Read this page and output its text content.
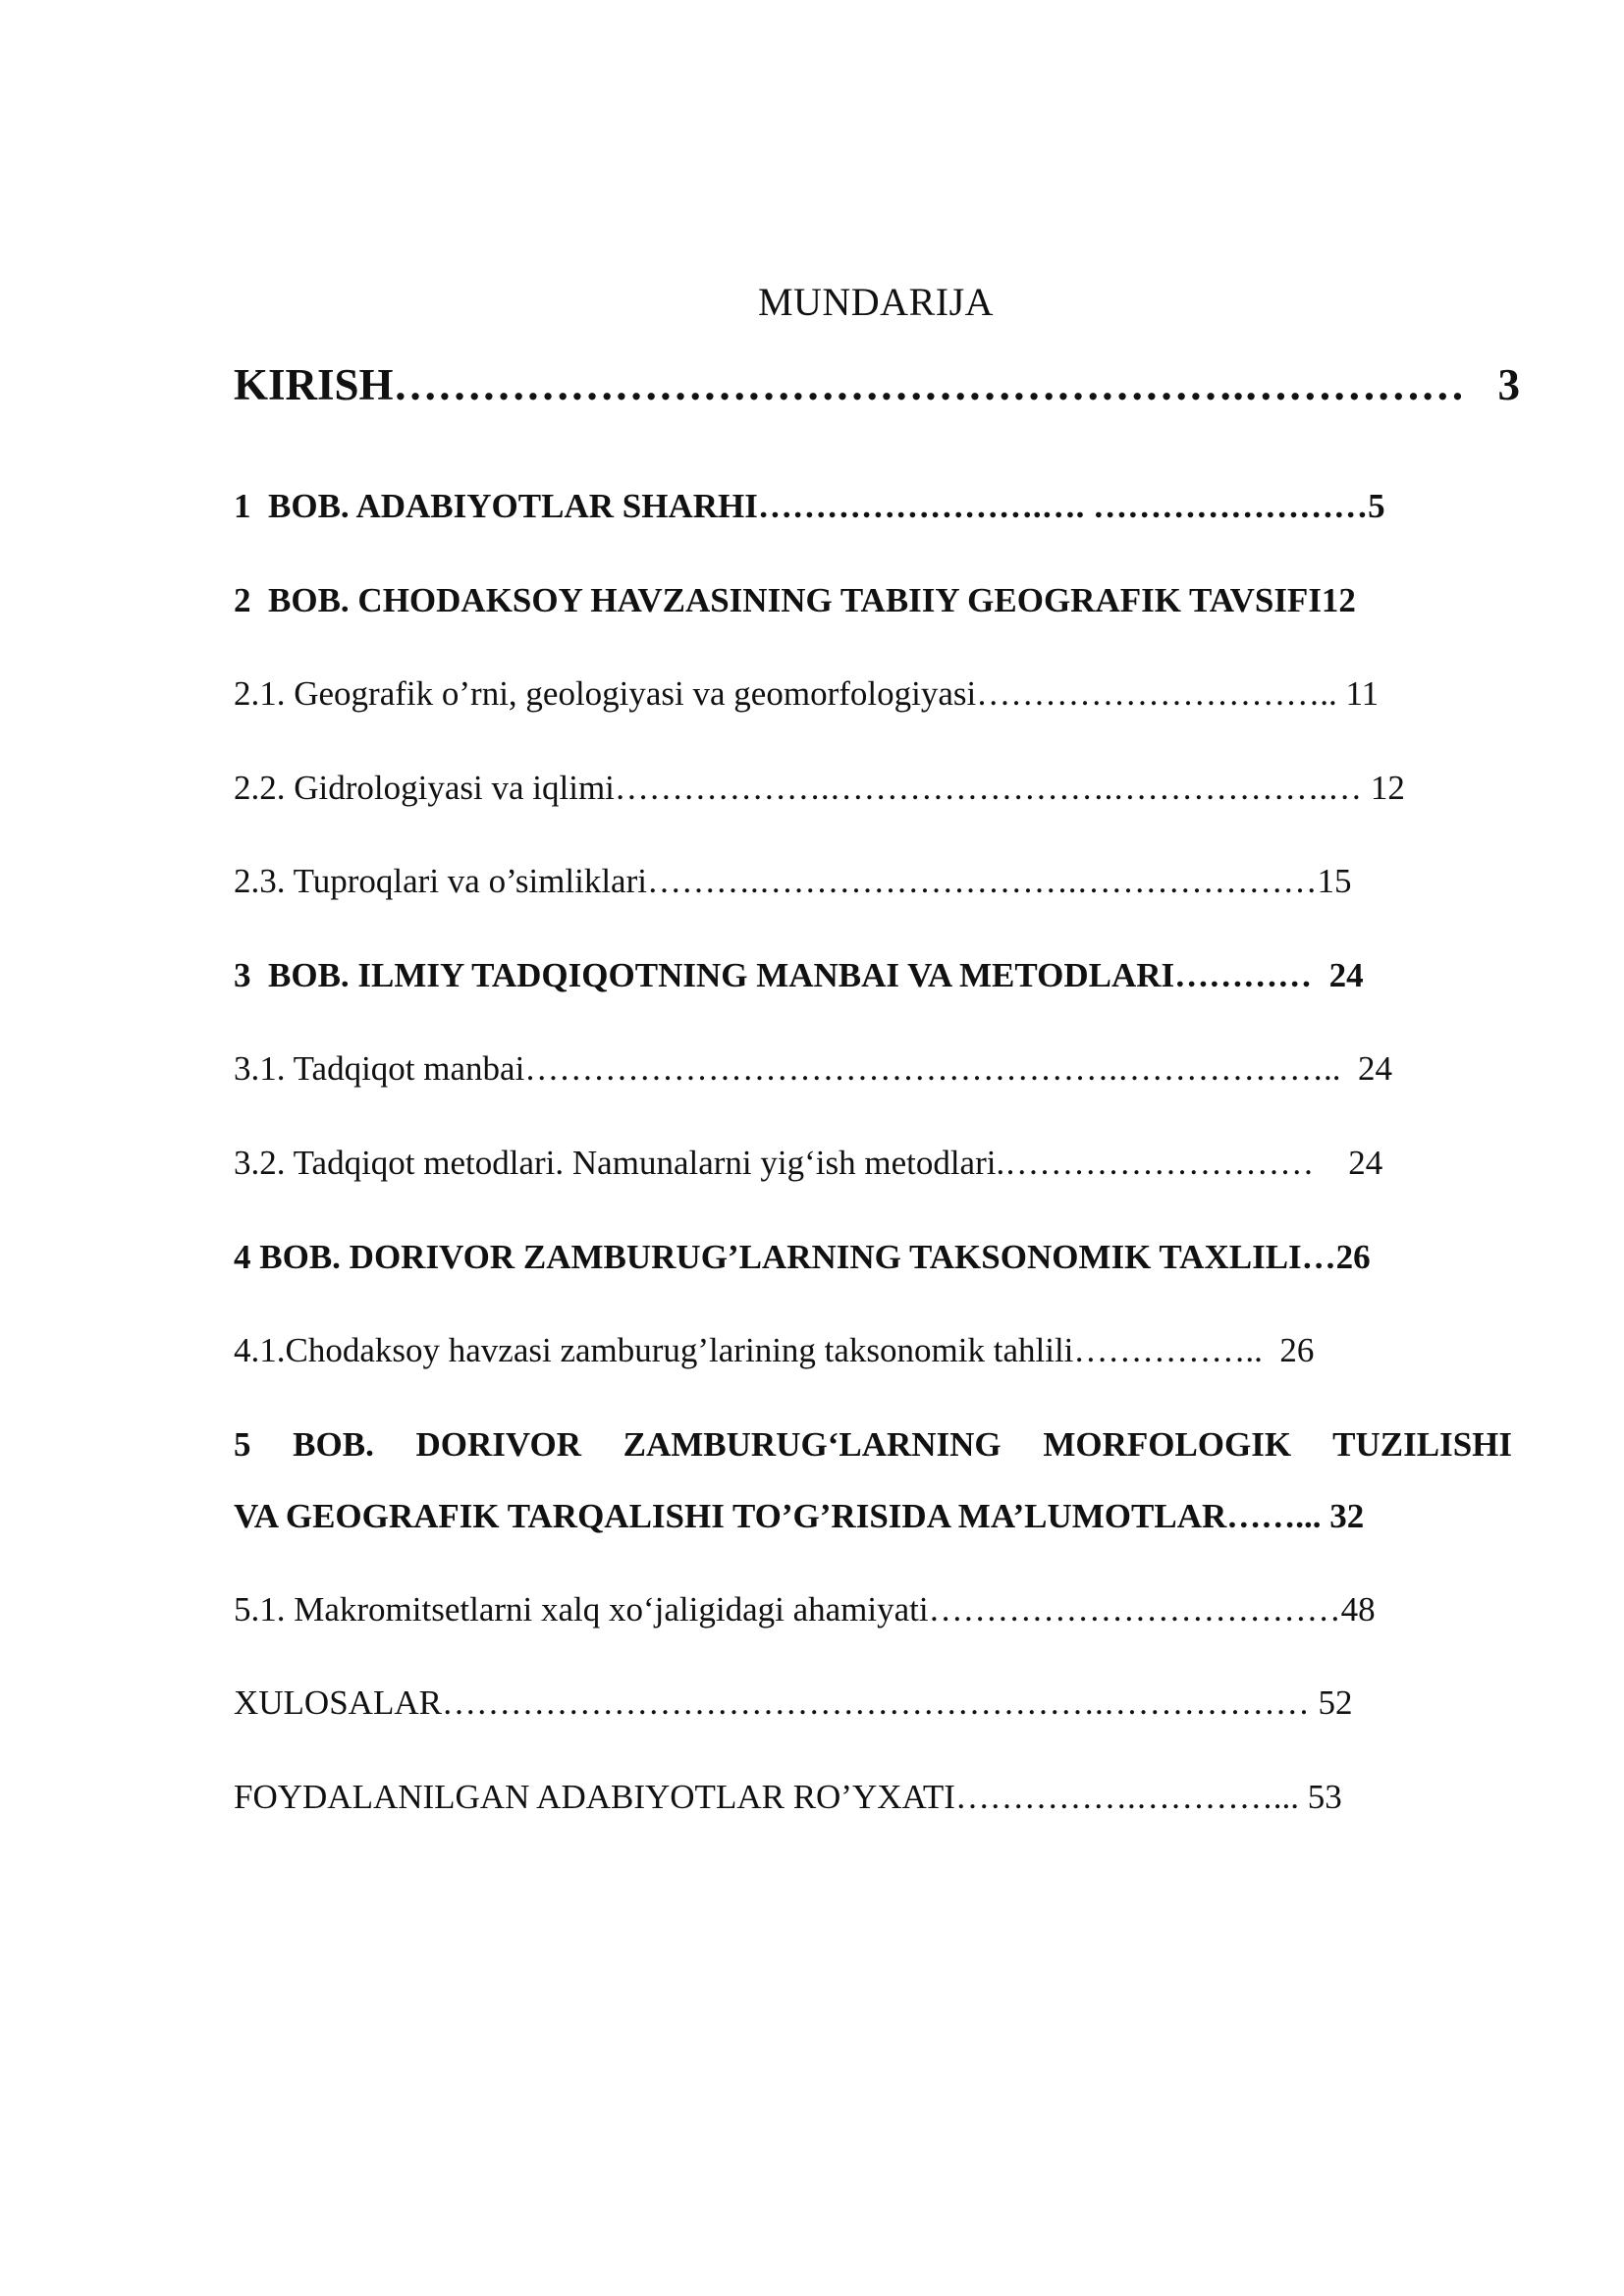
MUNDARIJA
KIRISH………………………………………………….……………   3
1  BOB. ADABIYOTLAR SHARHI…………………….…. ……………………5
2  BOB. CHODAKSOY HAVZASINING TABIIY GEOGRAFIK TAVSIFI12
2.1. Geografik o’rni, geologiyasi va geomorfologiyasi………………………….. 11
2.2. Gidrologiyasi va iqlimi……………….…………………….……………….… 12
2.3. Tuproqlari va o’simliklari……….……………………….…………………15
3  BOB. ILMIY TADQIQOTNING MANBAI VA METODLARI…………  24
3.1. Tadqiqot manbai…………………………………………….………………..  24
3.2. Tadqiqot metodlari. Namunalarni yig‘ish metodlari.………………………    24
4 BOB. DORIVOR ZAMBURUG’LARNING TAKSONOMIK TAXLILI…26
4.1.Chodaksoy havzasi zamburug’larining taksonomik tahlili……………..  26
5 BOB. DORIVOR ZAMBURUG‘LARNING MORFOLOGIK TUZILISHI
VA GEOGRAFIK TARQALISHI TO’G’RISIDA MA’LUMOTLAR……... 32
5.1. Makromitsetlarni xalq xo‘jaligidagi ahamiyati………………………………48
XULOSALAR………………………………………………….……………… 52
FOYDALANILGAN ADABIYOTLAR RO’YXATI…………….…………... 53
